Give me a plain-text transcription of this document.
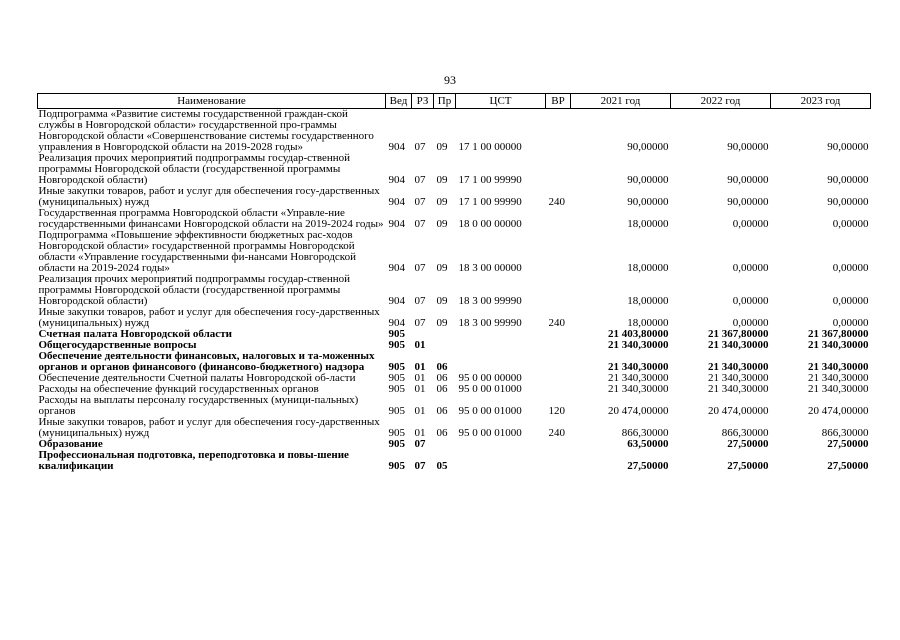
93
Наименование	Вед	РЗ	Пр	ЦСТ	ВР	2021 год	2022 год	2023 год
Подпрограмма «Развитие системы государственной граждан-ской службы в Новгородской области» государственной про-граммы Новгородской области «Совершенствование системы государственного управления в Новгородской области на 2019-2028 годы»	904	07	09	17 1 00 00000		90,00000	90,00000	90,00000
Реализация прочих мероприятий подпрограммы государ-ственной программы Новгородской области (государственной программы Новгородской области)	904	07	09	17 1 00 99990		90,00000	90,00000	90,00000
Иные закупки товаров, работ и услуг для обеспечения госу-дарственных (муниципальных) нужд	904	07	09	17 1 00 99990	240	90,00000	90,00000	90,00000
Государственная программа Новгородской области «Управле-ние государственными финансами Новгородской области на 2019-2024 годы»	904	07	09	18 0 00 00000		18,00000	0,00000	0,00000
Подпрограмма «Повышение эффективности бюджетных рас-ходов Новгородской области» государственной программы Новгородской области «Управление государственными фи-нансами Новгородской области на 2019-2024 годы»	904	07	09	18 3 00 00000		18,00000	0,00000	0,00000
Реализация прочих мероприятий подпрограммы государ-ственной программы Новгородской области (государственной программы Новгородской области)	904	07	09	18 3 00 99990		18,00000	0,00000	0,00000
Иные закупки товаров, работ и услуг для обеспечения госу-дарственных (муниципальных) нужд	904	07	09	18 3 00 99990	240	18,00000	0,00000	0,00000
Счетная палата Новгородской области	905					21 403,80000	21 367,80000	21 367,80000
Общегосударственные вопросы	905	01				21 340,30000	21 340,30000	21 340,30000
Обеспечение деятельности финансовых, налоговых и та-моженных органов и органов финансового (финансово-бюджетного) надзора	905	01	06			21 340,30000	21 340,30000	21 340,30000
Обеспечение деятельности Счетной палаты Новгородской об-ласти	905	01	06	95 0 00 00000		21 340,30000	21 340,30000	21 340,30000
Расходы на обеспечение функций государственных органов	905	01	06	95 0 00 01000		21 340,30000	21 340,30000	21 340,30000
Расходы на выплаты персоналу государственных (муници-пальных) органов	905	01	06	95 0 00 01000	120	20 474,00000	20 474,00000	20 474,00000
Иные закупки товаров, работ и услуг для обеспечения госу-дарственных (муниципальных) нужд	905	01	06	95 0 00 01000	240	866,30000	866,30000	866,30000
Образование	905	07				63,50000	27,50000	27,50000
Профессиональная подготовка, переподготовка и повы-шение квалификации	905	07	05			27,50000	27,50000	27,50000
